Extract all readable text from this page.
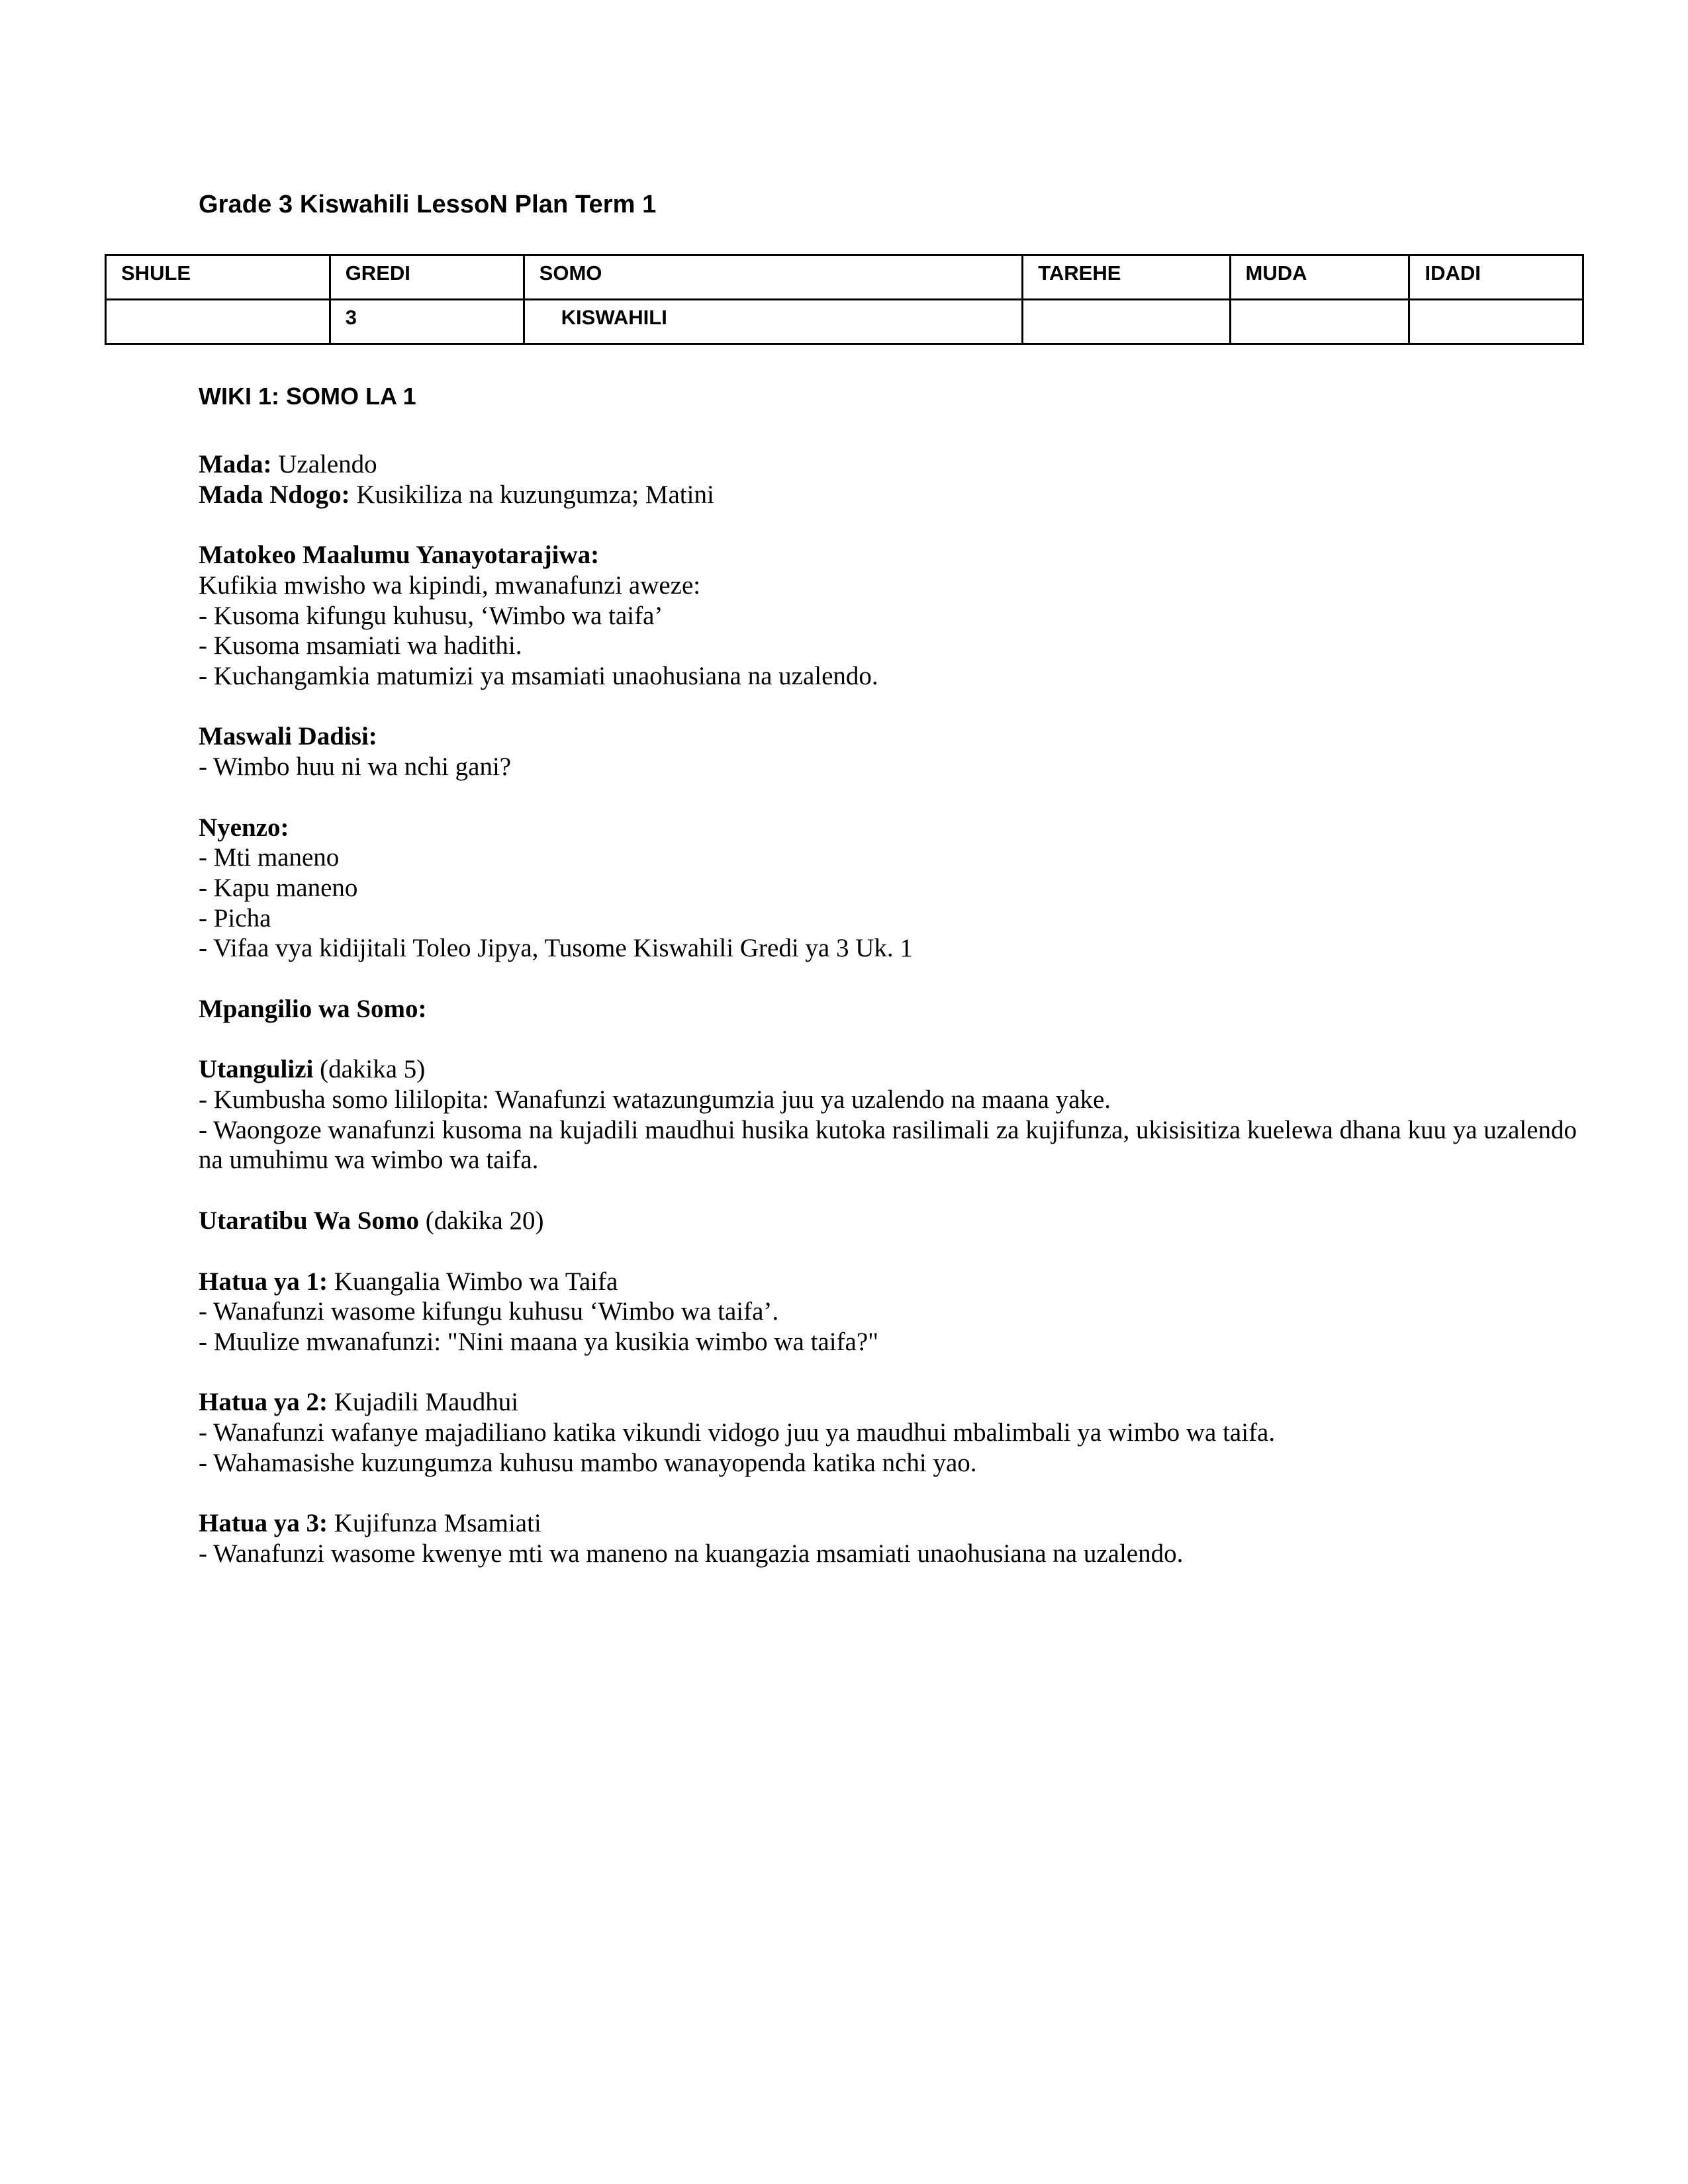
Grade 3 Kiswahili LessoN Plan Term 1
SHULE	GREDI	SOMO	TAREHE	MUDA	IDADI
	3	KISWAHILI			
WIKI 1: SOMO LA 1

Mada: Uzalendo

Mada Ndogo: Kusikiliza na kuzungumza; Matini

Matokeo Maalumu Yanayotarajiwa:

Kufikia mwisho wa kipindi, mwanafunzi aweze:

- Kusoma kifungu kuhusu, ‘Wimbo wa taifa’

- Kusoma msamiati wa hadithi.

- Kuchangamkia matumizi ya msamiati unaohusiana na uzalendo.

Maswali Dadisi:

- Wimbo huu ni wa nchi gani?

Nyenzo:

- Mti maneno

- Kapu maneno

- Picha

- Vifaa vya kidijitali Toleo Jipya, Tusome Kiswahili Gredi ya 3 Uk. 1

Mpangilio wa Somo:

Utangulizi (dakika 5)

- Kumbusha somo lililopita: Wanafunzi watazungumzia juu ya uzalendo na maana yake.

- Waongoze wanafunzi kusoma na kujadili maudhui husika kutoka rasilimali za kujifunza, ukisisitiza kuelewa dhana kuu ya uzalendo na umuhimu wa wimbo wa taifa.

Utaratibu Wa Somo (dakika 20)

Hatua ya 1: Kuangalia Wimbo wa Taifa

- Wanafunzi wasome kifungu kuhusu ‘Wimbo wa taifa’.

- Muulize mwanafunzi: "Nini maana ya kusikia wimbo wa taifa?"

Hatua ya 2: Kujadili Maudhui

- Wanafunzi wafanye majadiliano katika vikundi vidogo juu ya maudhui mbalimbali ya wimbo wa taifa.

- Wahamasishe kuzungumza kuhusu mambo wanayopenda katika nchi yao.

Hatua ya 3: Kujifunza Msamiati

- Wanafunzi wasome kwenye mti wa maneno na kuangazia msamiati unaohusiana na uzalendo.
